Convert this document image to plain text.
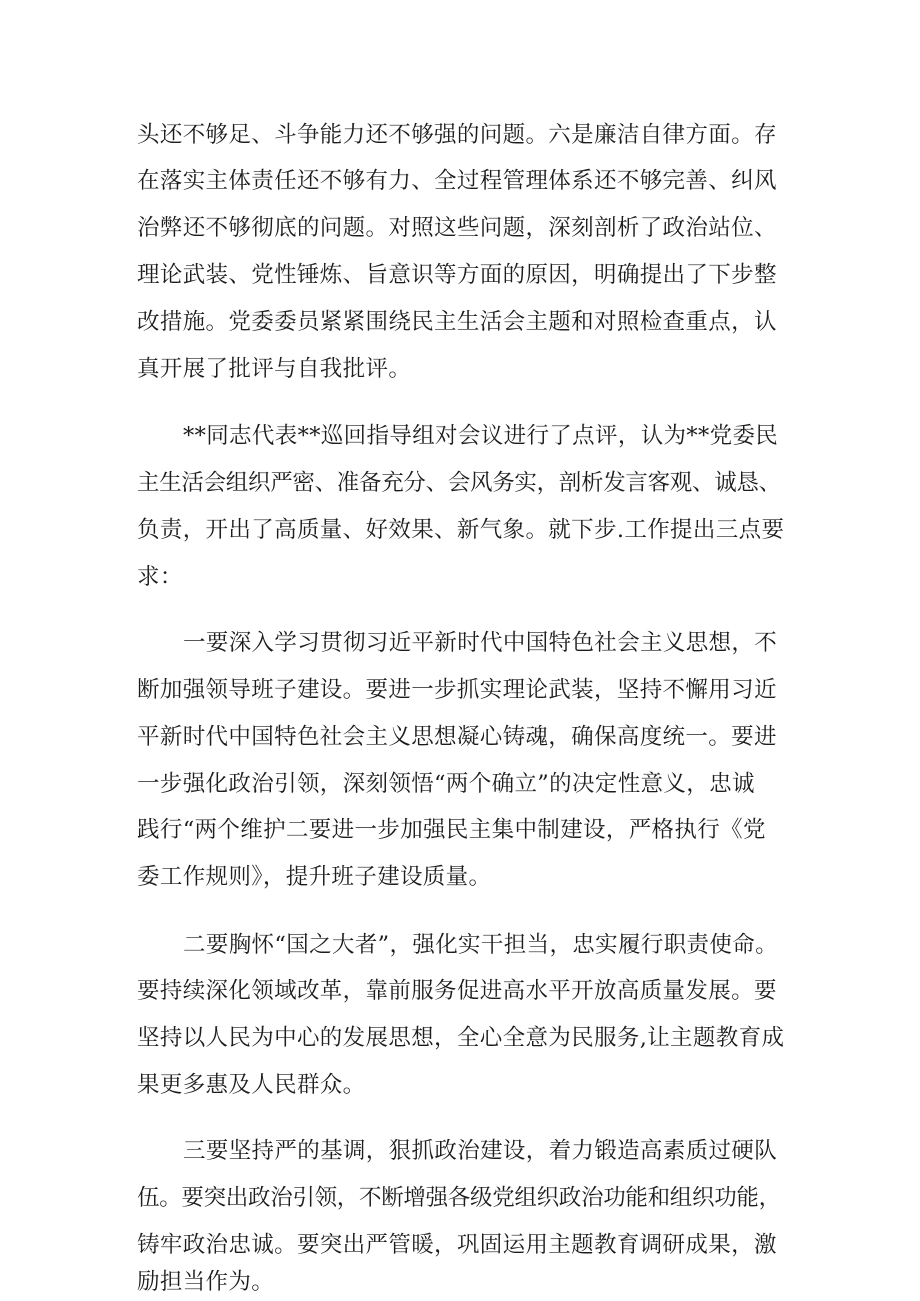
头还不够足、斗争能力还不够强的问题。六是廉洁自律方面。存
在落实主体责任还不够有力、全过程管理体系还不够完善、纠风
治弊还不够彻底的问题。对照这些问题，深刻剖析了政治站位、
理论武装、党性锤炼、旨意识等方面的原因，明确提出了下步整
改措施。党委委员紧紧围绕民主生活会主题和对照检查重点，认
真开展了批评与自我批评。
**同志代表**巡回指导组对会议进行了点评，认为**党委民
主生活会组织严密、准备充分、会风务实，剖析发言客观、诚恳、
负责，开出了高质量、好效果、新气象。就下步.工作提出三点要
求：
一要深入学习贯彻习近平新时代中国特色社会主义思想，不
断加强领导班子建设。要进一步抓实理论武装，坚持不懈用习近
平新时代中国特色社会主义思想凝心铸魂，确保高度统一。要进
一步强化政治引领，深刻领悟“两个确立”的决定性意义，忠诚
践行“两个维护二要进一步加强民主集中制建设，严格执行《党
委工作规则》，提升班子建设质量。
二要胸怀“国之大者”，强化实干担当，忠实履行职责使命。
要持续深化领域改革，靠前服务促进高水平开放高质量发展。要
坚持以人民为中心的发展思想，全心全意为民服务,让主题教育成
果更多惠及人民群众。
三要坚持严的基调，狠抓政治建设，着力锻造高素质过硬队
伍。要突出政治引领，不断增强各级党组织政治功能和组织功能，
铸牢政治忠诚。要突出严管暖，巩固运用主题教育调研成果，激
励担当作为。
